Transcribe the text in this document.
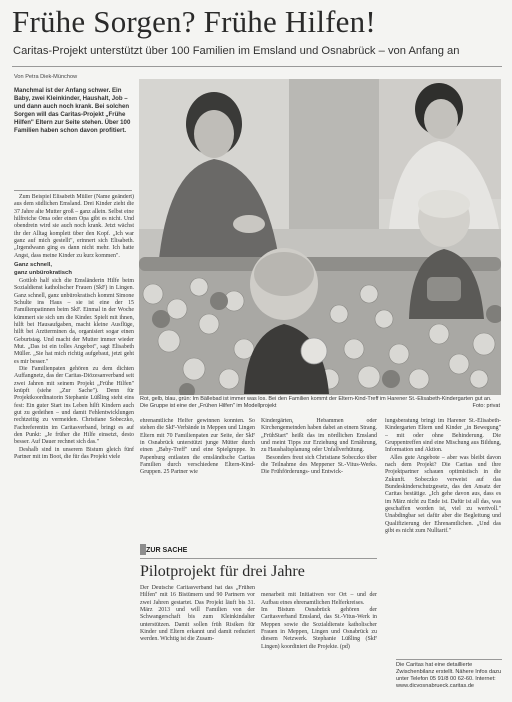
Frühe Sorgen? Frühe Hilfen!
Caritas-Projekt unterstützt über 100 Familien im Emsland und Osnabrück – von Anfang an
Von Petra Diek-Münchow
Manchmal ist der Anfang schwer. Ein Baby, zwei Kleinkinder, Haushalt, Job – und dann auch noch krank. Bei solchen Sorgen will das Caritas-Projekt „Frühe Hilfen" Eltern zur Seite stehen. Über 100 Familien haben schon davon profitiert.

Zum Beispiel Elisabeth Müller (Name geändert) aus dem südlichen Emsland. Drei Kinder zieht die 37 Jahre alte Mutter groß – ganz allein. Selbst eine hilfreiche Oma oder einen Opa gibt es nicht. Und obendrein wird sie auch noch krank. Jetzt wächst ihr der Alltag komplett über den Kopf. „Ich war ganz auf mich gestellt", erinnert sich Elisabeth. „Irgendwann ging es dann nicht mehr. Ich hatte Angst, dass meine Kinder zu kurz kommen".

Ganz schnell,
ganz unbürokratisch

Gottlob half sich die Emsländerin Hilfe beim Sozialdienst katholischer Frauen (SkF) in Lingen. Ganz schnell, ganz unbürokratisch kommt Simone Schulte ins Haus – sie ist eine der 15 Familienpatinnen beim SkF. Einmal in der Woche kümmert sie sich um die Kinder. Spielt mit ihnen, hilft bei Hausaufgaben, macht kleine Ausflüge, hilft bei Arztterminen da, organisiert sogar einen Geburtstag. Und macht der Mutter immer wieder Mut. „Das ist ein tolles Angebot", sagt Elisabeth Müller. „Sie hat mich richtig aufgebaut, jetzt geht es mir besser."

Die Familienpaten gehören zu dem dichten Auffangnetz, das der Caritas-Diözesanverband seit zwei Jahren mit seinem Projekt „Frühe Hilfen" knüpft (siehe „Zur Sache"). Denn für Projektkoordinatorin Stephanie Lüßling steht eins fest: Ein guter Start ins Leben hilft Kindern auch gut zu gedeihen – und damit Fehlentwicklungen rechtzeitig zu vermeiden. Christiane Sobeczko, Fachreferentin im Caritasverband, bringt es auf den Punkt: „Je früher die Hilfe einsetzt, desto besser. Auf Dauer rechnet sich das."

Deshalb sind in unserem Bistum gleich fünf Partner mit im Boot, die für das Projekt viele

Rot, gelb, blau, grün: Im Bällebad ist immer was los. Bei den Familien kommt der Eltern-Kind-Treff im Harener St.-Elisabeth-Kindergarten gut an. Die Gruppe ist eine der „Frühen Hilfen" im Modellprojekt	Foto: privat

ehrenamtliche Helfer gewinnen konnten. So stehen die SkF-Verbände in Meppen und Lingen Eltern mit 70 Familienpaten zur Seite, der SkF in Osnabrück unterstützt junge Mütter durch einen „Baby-Treff" und eine Spielgruppe. In Papenburg entlasten die emsländische Caritas Familien durch verschiedene Eltern-Kind-Gruppen. 25 Partner wie

Kindergärten, Hebammen oder Kirchengemeinden haben dabei an einem Strang. „FrühStart" heißt das im nördlichen Emsland und meint Tipps zur Erziehung und Ernährung, zu Haushaltsplanung oder Unfallverhütung.

Besonders freut sich Christiane Sobeczko über die Teilnahme des Meppener St.-Vitus-Werks. Die Frühförderungs- und Entwick-

lungsberatung bringt im Harener St.-Elisabeth-Kindergarten Eltern und Kinder „in Bewegung" – mit oder ohne Behinderung. Die Gruppentreffen sind eine Mischung aus Bildung, Information und Aktion.

Alles gute Angebote – aber was bleibt davon nach dem Projekt? Die Caritas und ihre Projektpartner schauen optimistisch in die Zukunft. Sobeczko verweist auf das Bundeskinderschutzgesetz, das den Ansatz der Caritas bestätige. „Ich gehe davon aus, dass es im März nicht zu Ende ist. Dafür ist all das, was geschaffen worden ist, viel zu wertvoll." Unabdingbar sei dafür aber die Begleitung und Qualifizierung der Ehrenamtlichen. „Und das gibt es nicht zum Nulltarif."

ZUR SACHE
Pilotprojekt für drei Jahre

Der Deutsche Caritasverband hat das „Frühen Hilfen" mit 16 Bistümern und 90 Partnern vor zwei Jahren gestartet. Das Projekt läuft bis 31. März 2013 und will Familien von der Schwangerschaft bis zum Kleinkindalter unterstützen. Damit sollen früh Risiken für Kinder und Eltern erkannt und damit reduziert werden. Wichtig ist die Zusam-

menarbeit mit Initiativen vor Ort – und der Aufbau eines ehrenamtlichen Helferkreises.
Im Bistum Osnabrück gehören der Caritasverband Emsland, das St.-Vitus-Werk in Meppen sowie die Sozialdienste katholischer Frauen in Meppen, Lingen und Osnabrück zu diesem Netzwerk. Stephanie Lüßling (SkF Lingen) koordiniert die Projekte. (pd)

Die Caritas hat eine detaillierte Zwischenbilanz erstellt. Nähere Infos dazu unter Telefon 05 91/8 00 62-60. Internet: www.dicvosnabrueck.caritas.de
